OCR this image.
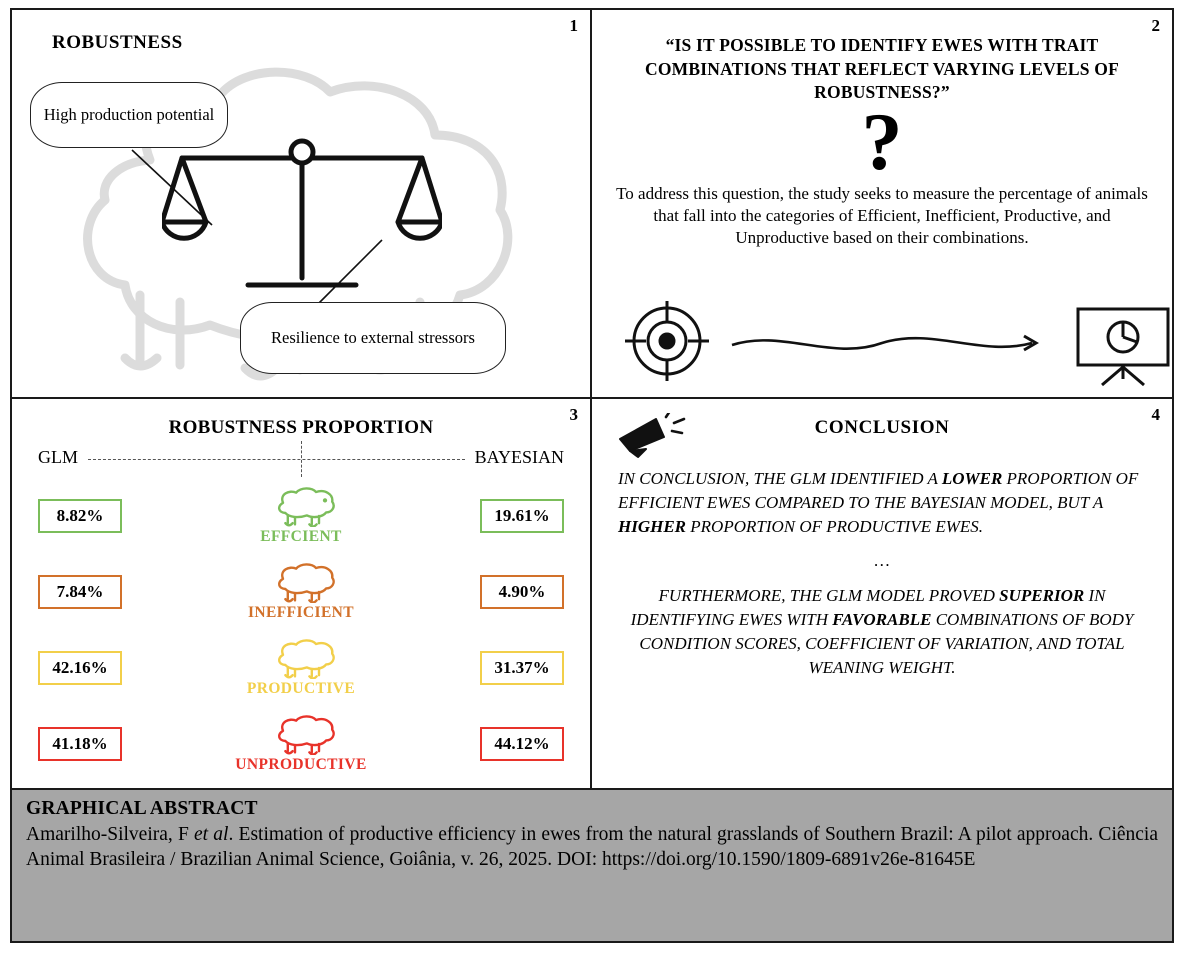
1
ROBUSTNESS
High production potential
Resilience to external stressors
2
“IS IT POSSIBLE TO IDENTIFY EWES WITH TRAIT COMBINATIONS THAT REFLECT VARYING LEVELS OF ROBUSTNESS?”
?
To address this question, the study seeks to measure the percentage of animals that fall into the categories of Efficient, Inefficient, Productive, and Unproductive based on their combinations.
3
ROBUSTNESS PROPORTION
GLM	BAYESIAN
8.82%
EFFCIENT
19.61%
7.84%
INEFFICIENT
4.90%
42.16%
PRODUCTIVE
31.37%
41.18%
UNPRODUCTIVE
44.12%
4
CONCLUSION
IN CONCLUSION, THE GLM IDENTIFIED A LOWER PROPORTION OF EFFICIENT EWES COMPARED TO THE BAYESIAN MODEL, BUT A HIGHER PROPORTION OF PRODUCTIVE EWES.
…
FURTHERMORE, THE GLM MODEL PROVED SUPERIOR IN IDENTIFYING EWES WITH FAVORABLE COMBINATIONS OF BODY CONDITION SCORES, COEFFICIENT OF VARIATION, AND TOTAL WEANING WEIGHT.
GRAPHICAL ABSTRACT
Amarilho-Silveira, F et al. Estimation of productive efficiency in ewes from the natural grasslands of Southern Brazil: A pilot approach. Ciência Animal Brasileira / Brazilian Animal Science, Goiânia, v. 26, 2025. DOI: https://doi.org/10.1590/1809-6891v26e-81645E
